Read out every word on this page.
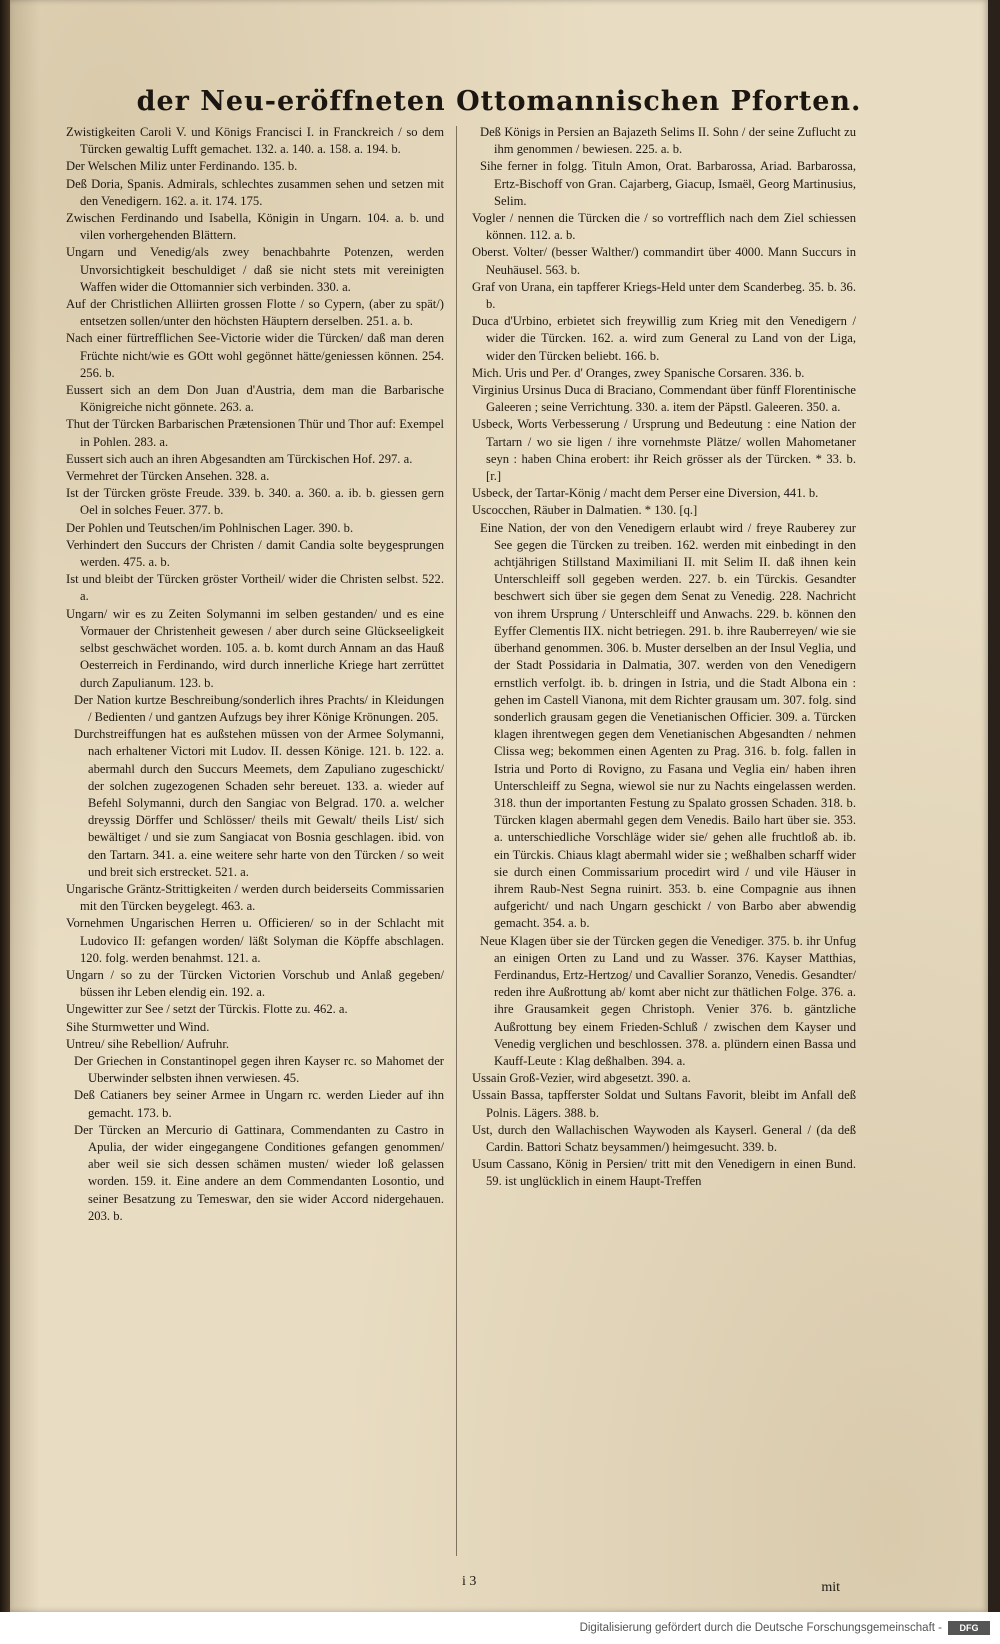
der Neu-eröffneten Ottomannischen Pforten.
Zwistigkeiten Caroli V. und Königs Francisci I. in Franckreich / so dem Türcken gewaltig Lufft gemachet. 132. a. 140. a. 158. a. 194. b.
Der Welschen Miliz unter Ferdinando. 135. b.
Deß Doria, Spanis. Admirals, schlechtes zusammen sehen und setzen mit den Venedigern. 162. a. it. 174. 175.
Zwischen Ferdinando und Isabella, Königin in Ungarn. 104. a. b. und vilen vorhergehenden Blättern.
Ungarn und Venedig/als zwey benachbahrte Potenzen, werden Unvorsichtigkeit beschuldiget / daß sie nicht stets mit vereinigten Waffen wider die Ottomannier sich verbinden. 330. a.
Auf der Christlichen Alliirten grossen Flotte / so Cypern, (aber zu spät/) entsetzen sollen/unter den höchsten Häuptern derselben. 251. a. b.
Nach einer fürtrefflichen See-Victorie wider die Türcken/ daß man deren Früchte nicht/wie es GOtt wohl gegönnet hätte/geniessen können. 254. 256. b.
Eussert sich an dem Don Juan d'Austria, dem man die Barbarische Königreiche nicht gönnete. 263. a.
Thut der Türcken Barbarischen Prætensionen Thür und Thor auf: Exempel in Pohlen. 283. a.
Eussert sich auch an ihren Abgesandten am Türckischen Hof. 297. a.
Vermehret der Türcken Ansehen. 328. a.
Ist der Türcken gröste Freude. 339. b. 340. a. 360. a. ib. b. giessen gern Oel in solches Feuer. 377. b.
Der Pohlen und Teutschen/im Pohlnischen Lager. 390. b.
Verhindert den Succurs der Christen / damit Candia solte beygesprungen werden. 475. a. b.
Ist und bleibt der Türcken gröster Vortheil/ wider die Christen selbst. 522. a.
Ungarn/ wir es zu Zeiten Solymanni im selben gestanden/ und es eine Vormauer der Christenheit gewesen / aber durch seine Glückseeligkeit selbst geschwächet worden. 105. a. b. komt durch Annam an das Hauß Oesterreich in Ferdinando, wird durch innerliche Kriege hart zerrüttet durch Zapulianum. 123. b.
Der Nation kurtze Beschreibung/sonderlich ihres Prachts/ in Kleidungen / Bedienten / und gantzen Aufzugs bey ihrer Könige Krönungen. 205.
Durchstreiffungen hat es außstehen müssen von der Armee Solymanni, nach erhaltener Victori mit Ludov. II. dessen Könige. 121. b. 122. a. abermahl durch den Succurs Meemets, dem Zapuliano zugeschickt/ der solchen zugezogenen Schaden sehr bereuet. 133. a. wieder auf Befehl Solymanni, durch den Sangiac von Belgrad. 170. a. welcher dreyssig Dörffer und Schlösser/ theils mit Gewalt/ theils List/ sich bewältiget / und sie zum Sangiacat von Bosnia geschlagen. ibid. von den Tartarn. 341. a. eine weitere sehr harte von den Türcken / so weit und breit sich erstrecket. 521. a.
Ungarische Gräntz-Strittigkeiten / werden durch beiderseits Commissarien mit den Türcken beygelegt. 463. a.
Vornehmen Ungarischen Herren u. Officieren/ so in der Schlacht mit Ludovico II: gefangen worden/ läßt Solyman die Köpffe abschlagen. 120. folg. werden benahmst. 121. a.
Ungarn / so zu der Türcken Victorien Vorschub und Anlaß gegeben/ büssen ihr Leben elendig ein. 192. a.
Ungewitter zur See / setzt der Türckis. Flotte zu. 462. a.
Sihe Sturmwetter und Wind.
Untreu/ sihe Rebellion/ Aufruhr.
Der Griechen in Constantinopel gegen ihren Kayser rc. so Mahomet der Uberwinder selbsten ihnen verwiesen. 45.
Deß Catianers bey seiner Armee in Ungarn rc. werden Lieder auf ihn gemacht. 173. b.
Der Türcken an Mercurio di Gattinara, Commendanten zu Castro in Apulia, der wider eingegangene Conditiones gefangen genommen/ aber weil sie sich dessen schämen musten/ wieder loß gelassen worden. 159. it. Eine andere an dem Commendanten Losontio, und seiner Besatzung zu Temeswar, den sie wider Accord nidergehauen. 203. b.
Deß Königs in Persien an Bajazeth Selims II. Sohn / der seine Zuflucht zu ihm genommen / bewiesen. 225. a. b.
Sihe ferner in folgg. Tituln Amon, Orat. Barbarossa, Ariad. Barbarossa, Ertz-Bischoff von Gran. Cajarberg, Giacup, Ismaël, Georg Martinusius, Selim.
Vogler / nennen die Türcken die / so vortrefflich nach dem Ziel schiessen können. 112. a. b.
Oberst. Volter/ (besser Walther/) commandirt über 4000. Mann Succurs in Neuhäusel. 563. b.
Graf von Urana, ein tapfferer Kriegs-Held unter dem Scanderbeg. 35. b. 36. b.
Duca d'Urbino, erbietet sich freywillig zum Krieg mit den Venedigern / wider die Türcken. 162. a. wird zum General zu Land von der Liga, wider den Türcken beliebt. 166. b.
Mich. Uris und Per. d' Oranges, zwey Spanische Corsaren. 336. b.
Virginius Ursinus Duca di Braciano, Commendant über fünff Florentinische Galeeren ; seine Verrichtung. 330. a. item der Päpstl. Galeeren. 350. a.
Usbeck, Worts Verbesserung / Ursprung und Bedeutung : eine Nation der Tartarn / wo sie ligen / ihre vornehmste Plätze/ wollen Mahometaner seyn : haben China erobert: ihr Reich grösser als der Türcken. * 33. b. [r.]
Usbeck, der Tartar-König / macht dem Perser eine Diversion, 441. b.
Uscocchen, Räuber in Dalmatien. * 130. [q.]
Eine Nation, der von den Venedigern erlaubt wird / freye Rauberey zur See gegen die Türcken zu treiben. 162. werden mit einbedingt in den achtjährigen Stillstand Maximiliani II. mit Selim II. daß ihnen kein Unterschleiff soll gegeben werden. 227. b. ein Türckis. Gesandter beschwert sich über sie gegen dem Senat zu Venedig. 228. Nachricht von ihrem Ursprung / Unterschleiff und Anwachs. 229. b. können den Eyffer Clementis IIX. nicht betriegen. 291. b. ihre Rauberreyen/ wie sie überhand genommen. 306. b. Muster derselben an der Insul Veglia, und der Stadt Possidaria in Dalmatia, 307. werden von den Venedigern ernstlich verfolgt. ib. b. dringen in Istria, und die Stadt Albona ein : gehen im Castell Vianona, mit dem Richter grausam um. 307. folg. sind sonderlich grausam gegen die Venetianischen Officier. 309. a. Türcken klagen ihrentwegen gegen dem Venetianischen Abgesandten / nehmen Clissa weg; bekommen einen Agenten zu Prag. 316. b. folg. fallen in Istria und Porto di Rovigno, zu Fasana und Veglia ein/ haben ihren Unterschleiff zu Segna, wiewol sie nur zu Nachts eingelassen werden. 318. thun der importanten Festung zu Spalato grossen Schaden. 318. b. Türcken klagen abermahl gegen dem Venedis. Bailo hart über sie. 353. a. unterschiedliche Vorschläge wider sie/ gehen alle fruchtloß ab. ib. ein Türckis. Chiaus klagt abermahl wider sie ; weßhalben scharff wider sie durch einen Commissarium procedirt wird / und vile Häuser in ihrem Raub-Nest Segna ruinirt. 353. b. eine Compagnie aus ihnen aufgericht/ und nach Ungarn geschickt / von Barbo aber abwendig gemacht. 354. a. b.
Neue Klagen über sie der Türcken gegen die Venediger. 375. b. ihr Unfug an einigen Orten zu Land und zu Wasser. 376. Kayser Matthias, Ferdinandus, Ertz-Hertzog/ und Cavallier Soranzo, Venedis. Gesandter/ reden ihre Außrottung ab/ komt aber nicht zur thätlichen Folge. 376. a. ihre Grausamkeit gegen Christoph. Venier 376. b. gäntzliche Außrottung bey einem Frieden-Schluß / zwischen dem Kayser und Venedig verglichen und beschlossen. 378. a. plündern einen Bassa und Kauff-Leute : Klag deßhalben. 394. a.
Ussain Groß-Vezier, wird abgesetzt. 390. a.
Ussain Bassa, tapfferster Soldat und Sultans Favorit, bleibt im Anfall deß Polnis. Lägers. 388. b.
Ust, durch den Wallachischen Waywoden als Kayserl. General / (da deß Cardin. Battori Schatz beysammen/) heimgesucht. 339. b.
Usum Cassano, König in Persien/ tritt mit den Venedigern in einen Bund. 59. ist unglücklich in einem Haupt-Treffen
i 3	mit
Digitalisierung gefördert durch die Deutsche Forschungsgemeinschaft -	DFG
